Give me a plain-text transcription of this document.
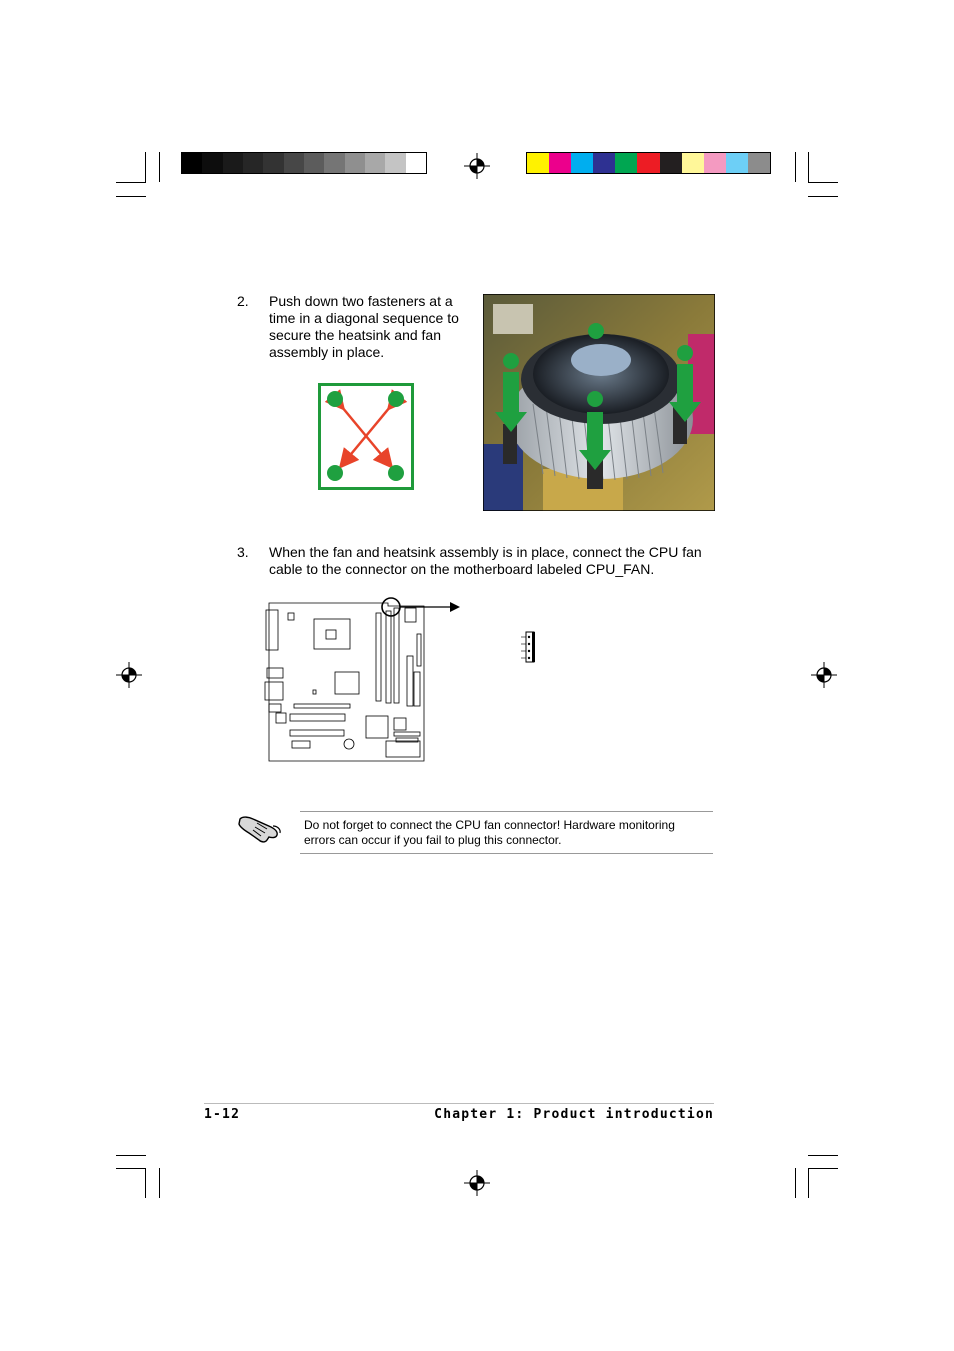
2. Push down two fasteners at a time in a diagonal sequence to secure the heatsink and fan assembly in place.
3. When the fan and heatsink assembly is in place, connect the CPU fan cable to the connector on the motherboard labeled CPU_FAN.
Do not forget to connect the CPU fan connector! Hardware monitoring errors can occur if you fail to plug this connector.
1-12	Chapter 1: Product introduction
